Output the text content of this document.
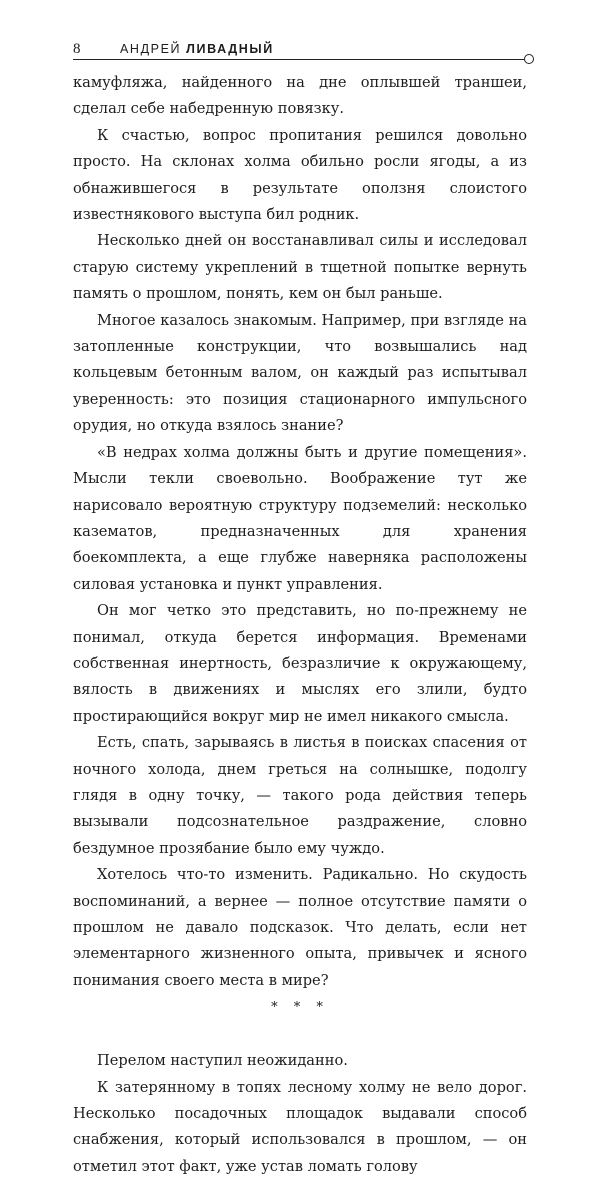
8	АНДРЕЙ ЛИВАДНЫЙ

камуфляжа, найденного на дне оплывшей траншеи, сделал себе набедренную повязку.

К счастью, вопрос пропитания решился довольно просто. На склонах холма обильно росли ягоды, а из обнажившегося в результате оползня слоистого известнякового выступа бил родник.

Несколько дней он восстанавливал силы и исследовал старую систему укреплений в тщетной попытке вернуть память о прошлом, понять, кем он был раньше.

Многое казалось знакомым. Например, при взгляде на затопленные конструкции, что возвышались над кольцевым бетонным валом, он каждый раз испытывал уверенность: это позиция стационарного импульсного орудия, но откуда взялось знание?

«В недрах холма должны быть и другие помещения». Мысли текли своевольно. Воображение тут же нарисовало вероятную структуру подземелий: несколько казематов, предназначенных для хранения боекомплекта, а еще глубже наверняка расположены силовая установка и пункт управления.

Он мог четко это представить, но по-прежнему не понимал, откуда берется информация. Временами собственная инертность, безразличие к окружающему, вялость в движениях и мыслях его злили, будто простирающийся вокруг мир не имел никакого смысла.

Есть, спать, зарываясь в листья в поисках спасения от ночного холода, днем греться на солнышке, подолгу глядя в одну точку, — такого рода действия теперь вызывали подсознательное раздражение, словно бездумное прозябание было ему чуждо.

Хотелось что-то изменить. Радикально. Но скудость воспоминаний, а вернее — полное отсутствие памяти о прошлом не давало подсказок. Что делать, если нет элементарного жизненного опыта, привычек и ясного понимания своего места в мире?

* * *

Перелом наступил неожиданно.

К затерянному в топях лесному холму не вело дорог. Несколько посадочных площадок выдавали способ снабжения, который использовался в прошлом, — он отметил этот факт, уже устав ломать голову
